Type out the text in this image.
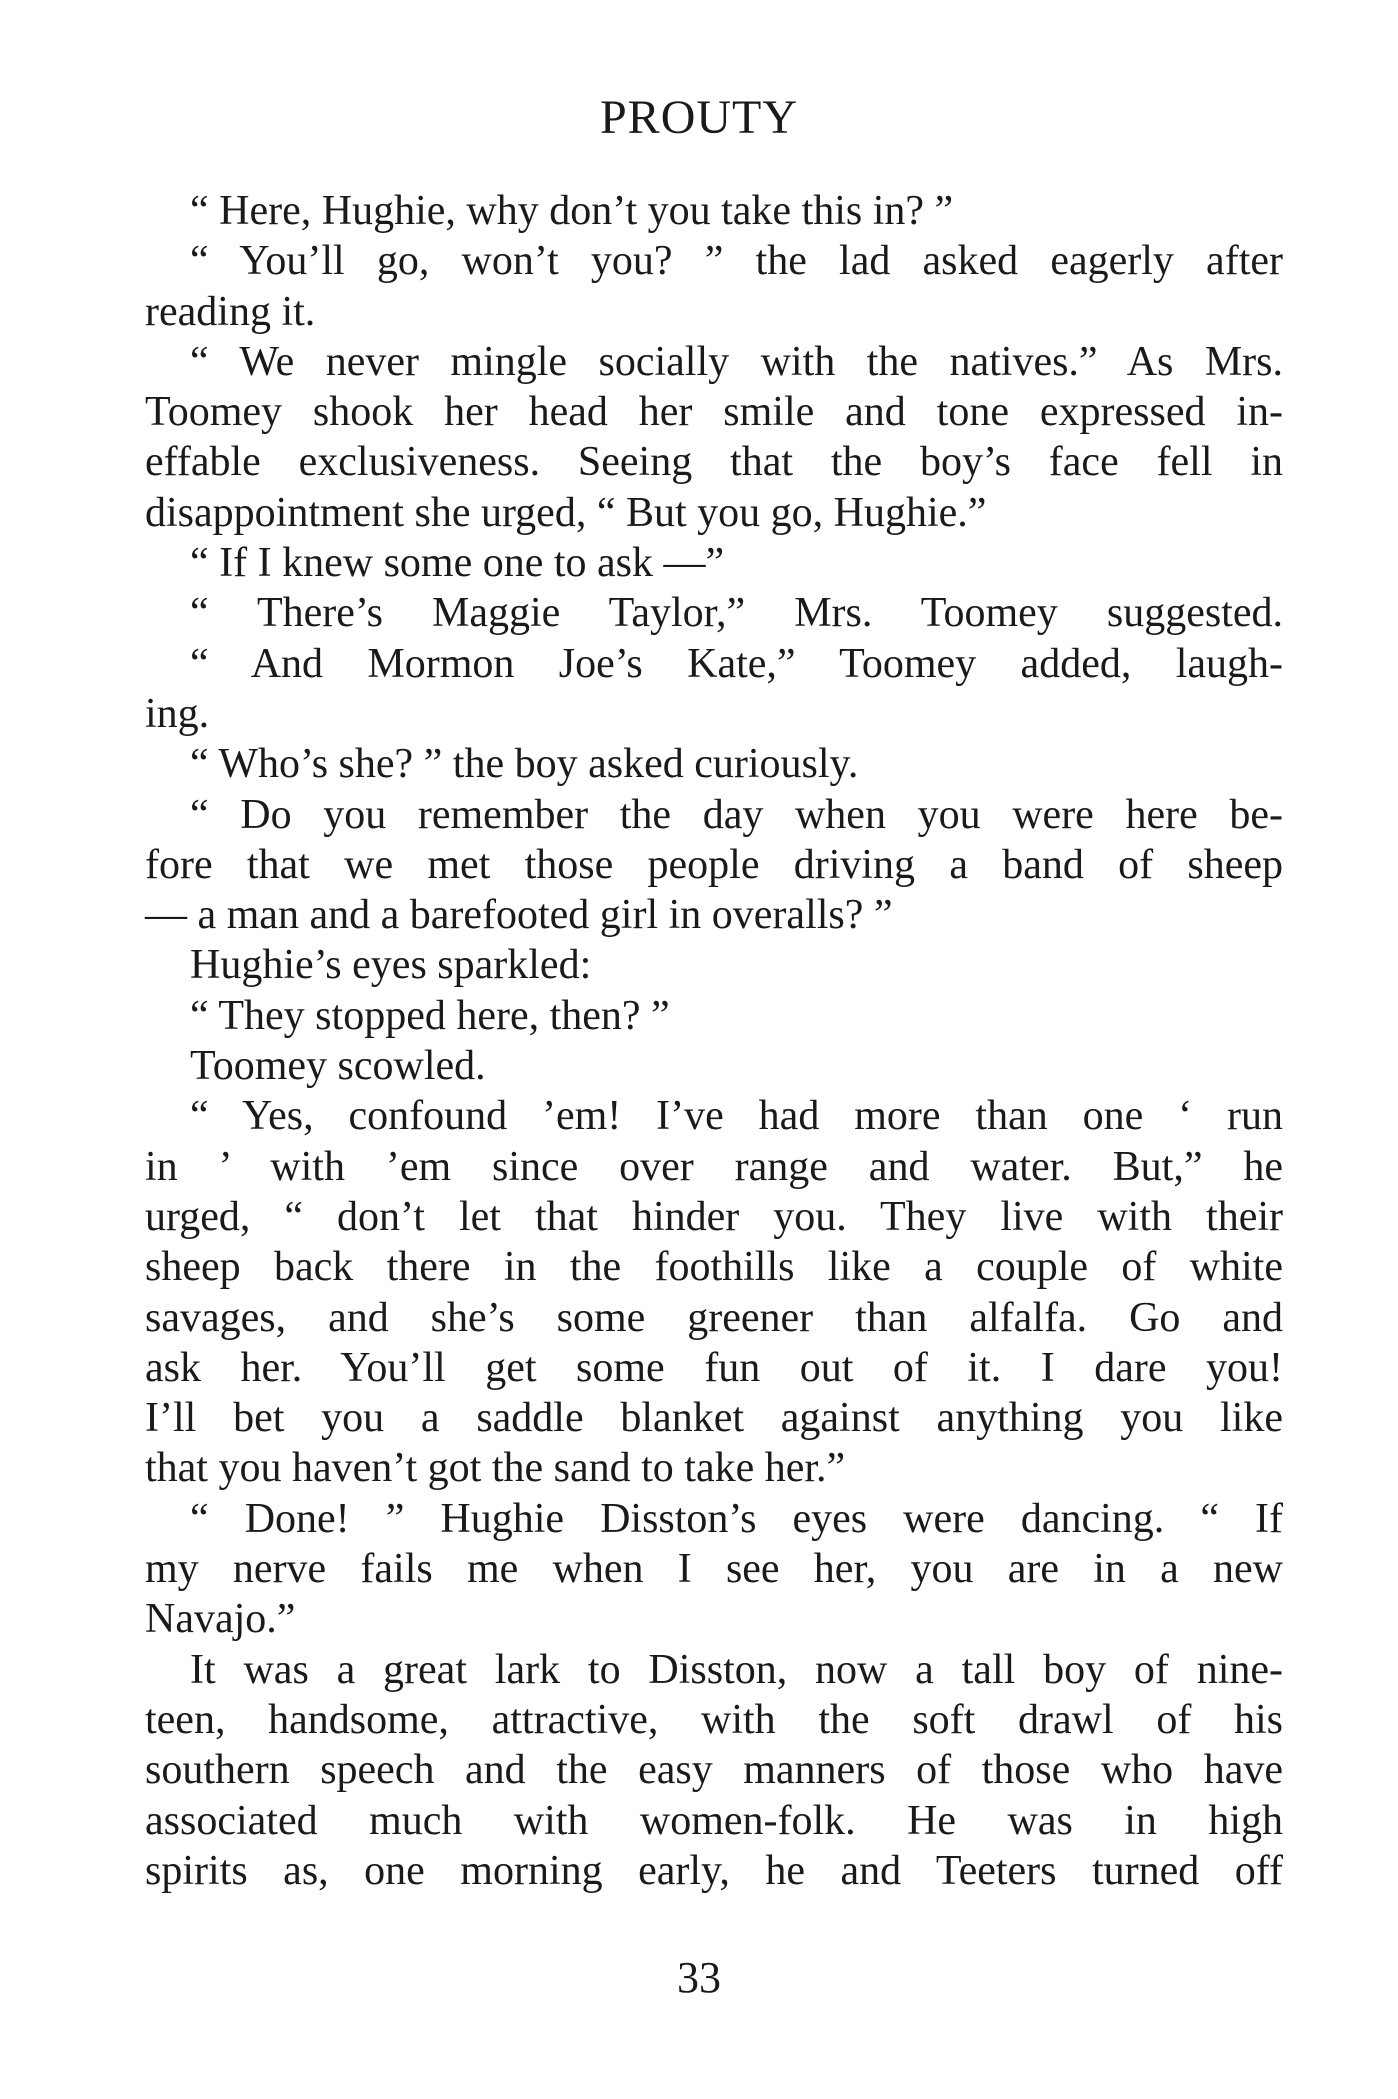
PROUTY
“ Here, Hughie, why don’t you take this in? ”
“ You’ll go, won’t you? ” the lad asked eagerly after
reading it.
“ We never mingle socially with the natives.” As Mrs.
Toomey shook her head her smile and tone expressed in-
effable exclusiveness. Seeing that the boy’s face fell in
disappointment she urged, “ But you go, Hughie.”
“ If I knew some one to ask —”
“ There’s Maggie Taylor,” Mrs. Toomey suggested.
“ And Mormon Joe’s Kate,” Toomey added, laugh-
ing.
“ Who’s she? ” the boy asked curiously.
“ Do you remember the day when you were here be-
fore that we met those people driving a band of sheep
— a man and a barefooted girl in overalls? ”
Hughie’s eyes sparkled:
“ They stopped here, then? ”
Toomey scowled.
“ Yes, confound ’em! I’ve had more than one ‘ run
in ’ with ’em since over range and water. But,” he
urged, “ don’t let that hinder you. They live with their
sheep back there in the foothills like a couple of white
savages, and she’s some greener than alfalfa. Go and
ask her. You’ll get some fun out of it. I dare you!
I’ll bet you a saddle blanket against anything you like
that you haven’t got the sand to take her.”
“ Done! ” Hughie Disston’s eyes were dancing. “ If
my nerve fails me when I see her, you are in a new
Navajo.”
It was a great lark to Disston, now a tall boy of nine-
teen, handsome, attractive, with the soft drawl of his
southern speech and the easy manners of those who have
associated much with women-folk. He was in high
spirits as, one morning early, he and Teeters turned off
33
